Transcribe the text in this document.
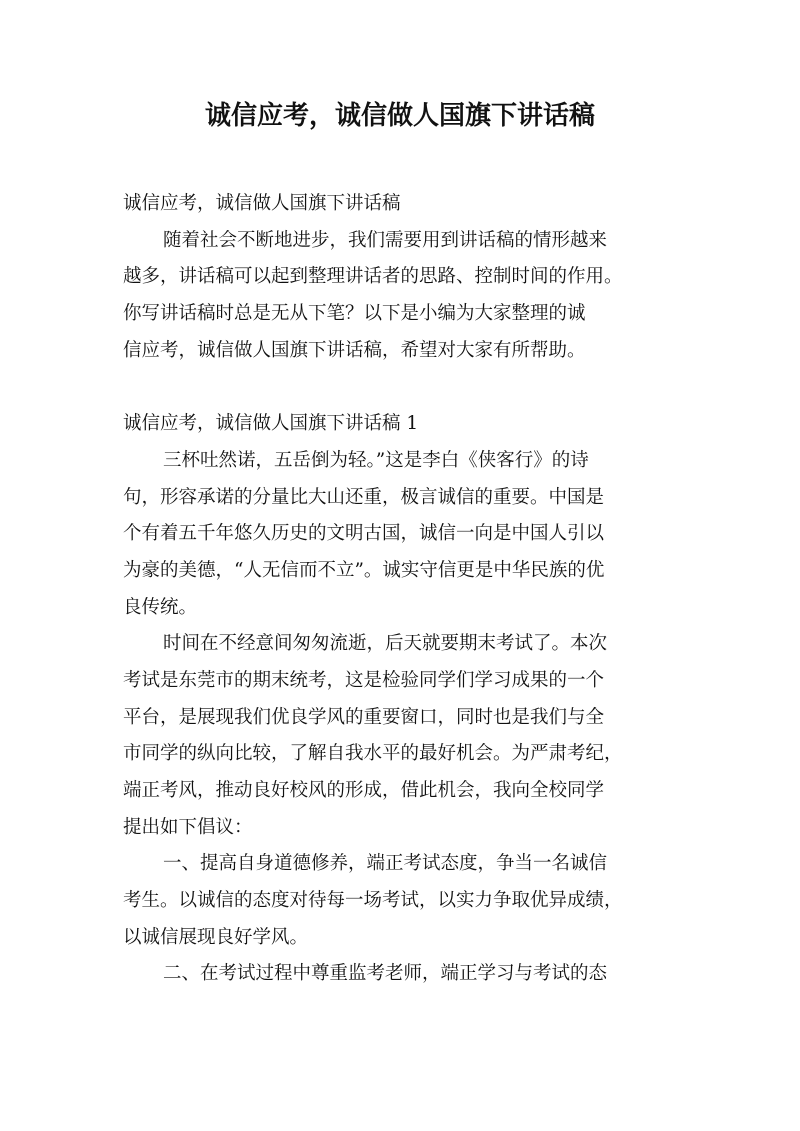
诚信应考，诚信做人国旗下讲话稿
诚信应考，诚信做人国旗下讲话稿
随着社会不断地进步，我们需要用到讲话稿的情形越来
越多，讲话稿可以起到整理讲话者的思路、控制时间的作用。
你写讲话稿时总是无从下笔？以下是小编为大家整理的诚
信应考，诚信做人国旗下讲话稿，希望对大家有所帮助。
诚信应考，诚信做人国旗下讲话稿 1
三杯吐然诺，五岳倒为轻。”这是李白《侠客行》的诗
句，形容承诺的分量比大山还重，极言诚信的重要。中国是
个有着五千年悠久历史的文明古国，诚信一向是中国人引以
为豪的美德，“人无信而不立”。诚实守信更是中华民族的优
良传统。
时间在不经意间匆匆流逝，后天就要期末考试了。本次
考试是东莞市的期末统考，这是检验同学们学习成果的一个
平台，是展现我们优良学风的重要窗口，同时也是我们与全
市同学的纵向比较，了解自我水平的最好机会。为严肃考纪，
端正考风，推动良好校风的形成，借此机会，我向全校同学
提出如下倡议：
一、提高自身道德修养，端正考试态度，争当一名诚信
考生。以诚信的态度对待每一场考试，以实力争取优异成绩，
以诚信展现良好学风。
二、在考试过程中尊重监考老师，端正学习与考试的态
